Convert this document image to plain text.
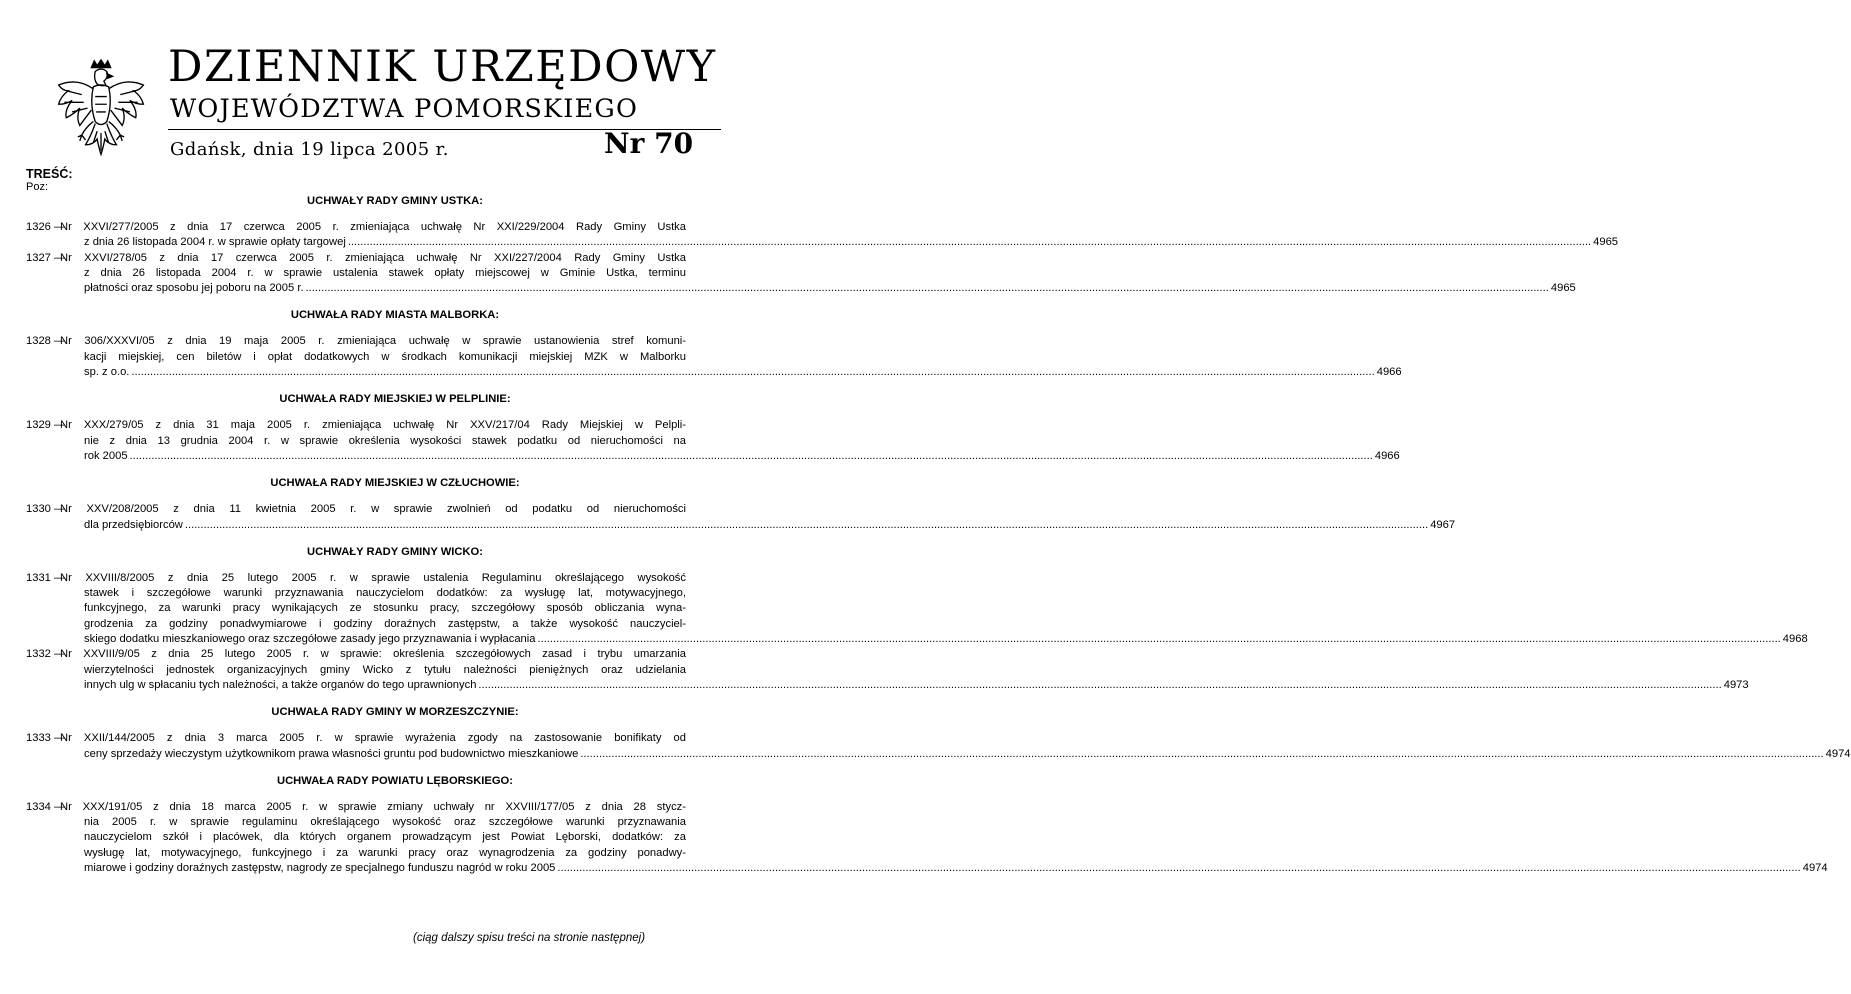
DZIENNIK URZĘDOWY
WOJEWÓDZTWA POMORSKIEGO
Gdańsk, dnia 19 lipca 2005 r.	Nr 70
TREŚĆ:
Poz:
UCHWAŁY RADY GMINY USTKA:
1326 —
Nr XXVI/277/2005 z dnia 17 czerwca 2005 r. zmieniająca uchwałę Nr XXI/229/2004 Rady Gminy Ustka
z dnia 26 listopada 2004 r. w sprawie opłaty targowej ................................................................................................................................................................................................................................................................................................................................................................................................................ 4965
1327 —
Nr XXVI/278/05 z dnia 17 czerwca 2005 r. zmieniająca uchwałę Nr XXI/227/2004 Rady Gminy Ustka
z dnia 26 listopada 2004 r. w sprawie ustalenia stawek opłaty miejscowej w Gminie Ustka, terminu
płatności oraz sposobu jej poboru na 2005 r. ................................................................................................................................................................................................................................................................................................................................................................................................................ 4965
UCHWAŁA RADY MIASTA MALBORKA:
1328 —
Nr 306/XXXVI/05 z dnia 19 maja 2005 r. zmieniająca uchwałę w sprawie ustanowienia stref komuni-
kacji miejskiej, cen biletów i opłat dodatkowych w środkach komunikacji miejskiej MZK w Malborku
sp. z o.o. ................................................................................................................................................................................................................................................................................................................................................................................................................ 4966
UCHWAŁA RADY MIEJSKIEJ W PELPLINIE:
1329 —
Nr XXX/279/05 z dnia 31 maja 2005 r. zmieniająca uchwałę Nr XXV/217/04 Rady Miejskiej w Pelpli-
nie z dnia 13 grudnia 2004 r. w sprawie określenia wysokości stawek podatku od nieruchomości na
rok 2005 ................................................................................................................................................................................................................................................................................................................................................................................................................ 4966
UCHWAŁA RADY MIEJSKIEJ W CZŁUCHOWIE:
1330 —
Nr XXV/208/2005 z dnia 11 kwietnia 2005 r. w sprawie zwolnień od podatku od nieruchomości
dla przedsiębiorców ................................................................................................................................................................................................................................................................................................................................................................................................................ 4967
UCHWAŁY RADY GMINY WICKO:
1331 —
Nr XXVIII/8/2005 z dnia 25 lutego 2005 r. w sprawie ustalenia Regulaminu określającego wysokość
stawek i szczegółowe warunki przyznawania nauczycielom dodatków: za wysługę lat, motywacyjnego,
funkcyjnego, za warunki pracy wynikających ze stosunku pracy, szczegółowy sposób obliczania wyna-
grodzenia za godziny ponadwymiarowe i godziny doraźnych zastępstw, a także wysokość nauczyciel-
skiego dodatku mieszkaniowego oraz szczegółowe zasady jego przyznawania i wypłacania ................................................................................................................................................................................................................................................................................................................................................................................................................ 4968
1332 —
Nr XXVIII/9/05 z dnia 25 lutego 2005 r. w sprawie: określenia szczegółowych zasad i trybu umarzania
wierzytelności jednostek organizacyjnych gminy Wicko z tytułu należności pieniężnych oraz udzielania
innych ulg w spłacaniu tych należności, a także organów do tego uprawnionych ................................................................................................................................................................................................................................................................................................................................................................................................................ 4973
UCHWAŁA RADY GMINY W MORZESZCZYNIE:
1333 —
Nr XXII/144/2005 z dnia 3 marca 2005 r. w sprawie wyrażenia zgody na zastosowanie bonifikaty od
ceny sprzedaży wieczystym użytkownikom prawa własności gruntu pod budownictwo mieszkaniowe ................................................................................................................................................................................................................................................................................................................................................................................................................ 4974
UCHWAŁA RADY POWIATU LĘBORSKIEGO:
1334 —
Nr XXX/191/05 z dnia 18 marca 2005 r. w sprawie zmiany uchwały nr XXVIII/177/05 z dnia 28 stycz-
nia 2005 r. w sprawie regulaminu określającego wysokość oraz szczegółowe warunki przyznawania
nauczycielom szkół i placówek, dla których organem prowadzącym jest Powiat Lęborski, dodatków: za
wysługę lat, motywacyjnego, funkcyjnego i za warunki pracy oraz wynagrodzenia za godziny ponadwy-
miarowe i godziny doraźnych zastępstw, nagrody ze specjalnego funduszu nagród w roku 2005 ................................................................................................................................................................................................................................................................................................................................................................................................................ 4974
(ciąg dalszy spisu treści na stronie następnej)
